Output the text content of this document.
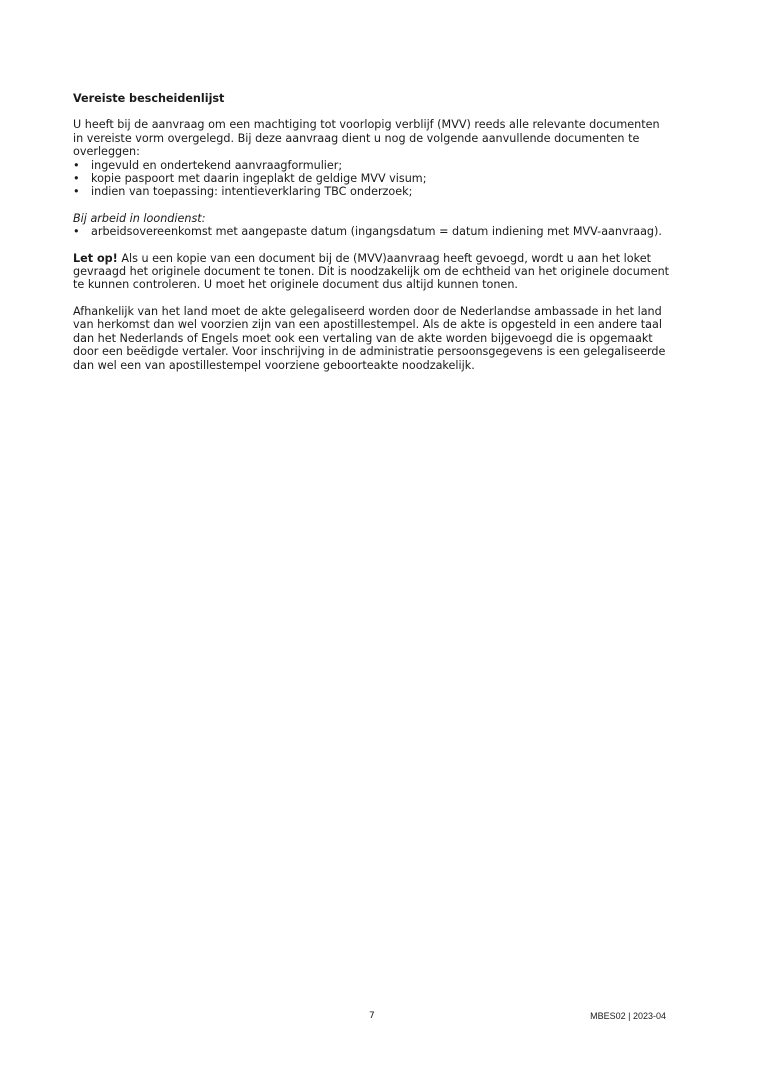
Vereiste bescheidenlijst

U heeft bij de aanvraag om een machtiging tot voorlopig verblijf (MVV) reeds alle relevante documenten in vereiste vorm overgelegd. Bij deze aanvraag dient u nog de volgende aanvullende documenten te overleggen:

• ingevuld en ondertekend aanvraagformulier;
• kopie paspoort met daarin ingeplakt de geldige MVV visum;
• indien van toepassing: intentieverklaring TBC onderzoek;

Bij arbeid in loondienst:

• arbeidsovereenkomst met aangepaste datum (ingangsdatum = datum indiening met MVV-aanvraag).

Let op! Als u een kopie van een document bij de (MVV)aanvraag heeft gevoegd, wordt u aan het loket gevraagd het originele document te tonen. Dit is noodzakelijk om de echtheid van het originele document te kunnen controleren. U moet het originele document dus altijd kunnen tonen.

Afhankelijk van het land moet de akte gelegaliseerd worden door de Nederlandse ambassade in het land van herkomst dan wel voorzien zijn van een apostillestempel. Als de akte is opgesteld in een andere taal dan het Nederlands of Engels moet ook een vertaling van de akte worden bijgevoegd die is opgemaakt door een beëdigde vertaler. Voor inschrijving in de administratie persoonsgegevens is een gelegaliseerde dan wel een van apostillestempel voorziene geboorteakte noodzakelijk.

7	MBES02 | 2023-04
